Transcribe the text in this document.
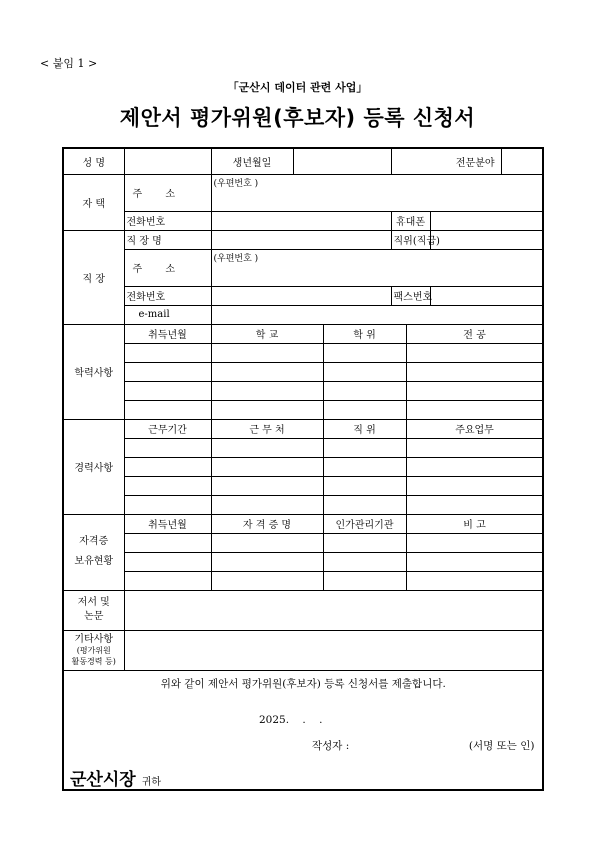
< 붙임 1 >
「군산시 데이터 관련 사업」
제안서 평가위원(후보자) 등록 신청서
성 명		생년월일			전문분야			
자 택	주 소	(우편번호 )						
	전화번호				휴대폰			
직 장	직 장 명				직위(직급)			
	주 소	(우편번호 )						
	전화번호				팩스번호			
	e-mail							
학력사항	취득년월	학 교		학 위		전 공		

경력사항	근무기간	근 무 처		직 위		주요업무		

자격증
보유현황	취득년월	자 격 증 명		인가관리기관		비 고		

저서 및
논문								
기타사항
(평가위원
활동경력 등)								

위와 같이 제안서 평가위원(후보자) 등록 신청서를 제출합니다.
2025.    .    .
작성자 : (서명 또는 인)
군산시장 귀하								
